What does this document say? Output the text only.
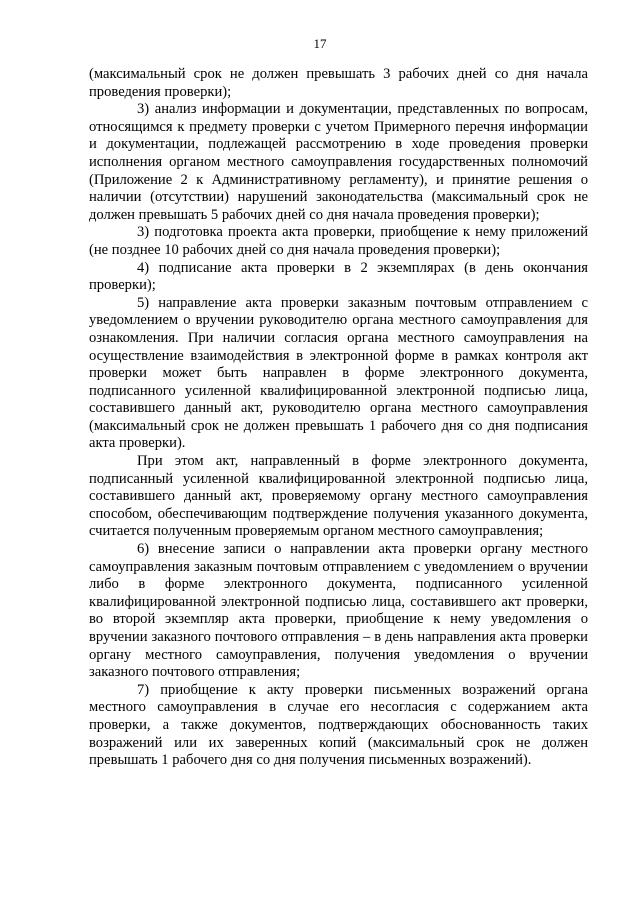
17

(максимальный срок не должен превышать 3 рабочих дней со дня начала проведения проверки);

3) анализ информации и документации, представленных по вопросам, относящимся к предмету проверки с учетом Примерного перечня информации и документации, подлежащей рассмотрению в ходе проведения проверки исполнения органом местного самоуправления государственных полномочий (Приложение 2 к Административному регламенту), и принятие решения о наличии (отсутствии) нарушений законодательства (максимальный срок не должен превышать 5 рабочих дней со дня начала проведения проверки);

3) подготовка проекта акта проверки, приобщение к нему приложений (не позднее 10 рабочих дней со дня начала проведения проверки);

4) подписание акта проверки в 2 экземплярах (в день окончания проверки);

5) направление акта проверки заказным почтовым отправлением с уведомлением о вручении руководителю органа местного самоуправления для ознакомления. При наличии согласия органа местного самоуправления на осуществление взаимодействия в электронной форме в рамках контроля акт проверки может быть направлен в форме электронного документа, подписанного усиленной квалифицированной электронной подписью лица, составившего данный акт, руководителю органа местного самоуправления (максимальный срок не должен превышать 1 рабочего дня со дня подписания акта проверки).

При этом акт, направленный в форме электронного документа, подписанный усиленной квалифицированной электронной подписью лица, составившего данный акт, проверяемому органу местного самоуправления способом, обеспечивающим подтверждение получения указанного документа, считается полученным проверяемым органом местного самоуправления;

6) внесение записи о направлении акта проверки органу местного самоуправления заказным почтовым отправлением с уведомлением о вручении либо в форме электронного документа, подписанного усиленной квалифицированной электронной подписью лица, составившего акт проверки, во второй экземпляр акта проверки, приобщение к нему уведомления о вручении заказного почтового отправления – в день направления акта проверки органу местного самоуправления, получения уведомления о вручении заказного почтового отправления;

7) приобщение к акту проверки письменных возражений органа местного самоуправления в случае его несогласия с содержанием акта проверки, а также документов, подтверждающих обоснованность таких возражений или их заверенных копий (максимальный срок не должен превышать 1 рабочего дня со дня получения письменных возражений).
